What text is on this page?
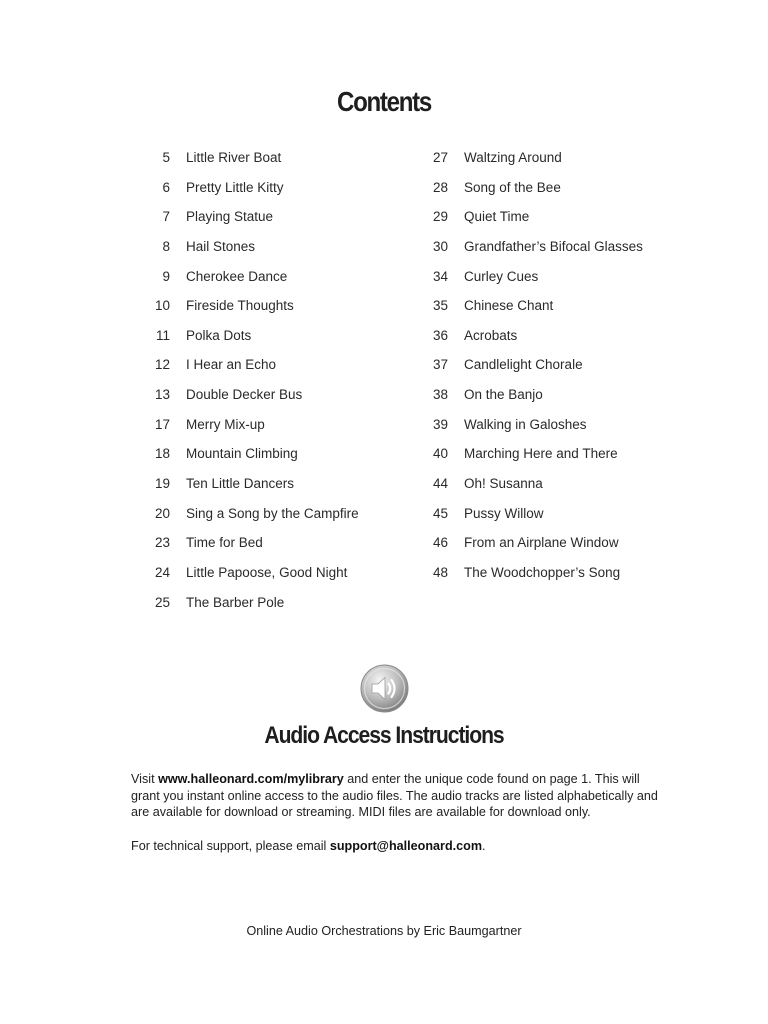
Contents
5 Little River Boat
6 Pretty Little Kitty
7 Playing Statue
8 Hail Stones
9 Cherokee Dance
10 Fireside Thoughts
11 Polka Dots
12 I Hear an Echo
13 Double Decker Bus
17 Merry Mix-up
18 Mountain Climbing
19 Ten Little Dancers
20 Sing a Song by the Campfire
23 Time for Bed
24 Little Papoose, Good Night
25 The Barber Pole
27 Waltzing Around
28 Song of the Bee
29 Quiet Time
30 Grandfather’s Bifocal Glasses
34 Curley Cues
35 Chinese Chant
36 Acrobats
37 Candlelight Chorale
38 On the Banjo
39 Walking in Galoshes
40 Marching Here and There
44 Oh! Susanna
45 Pussy Willow
46 From an Airplane Window
48 The Woodchopper’s Song
Audio Access Instructions

Visit www.halleonard.com/mylibrary and enter the unique code found on page 1. This will grant you instant online access to the audio files. The audio tracks are listed alphabetically and are available for download or streaming. MIDI files are available for download only.

For technical support, please email support@halleonard.com.

Online Audio Orchestrations by Eric Baumgartner
